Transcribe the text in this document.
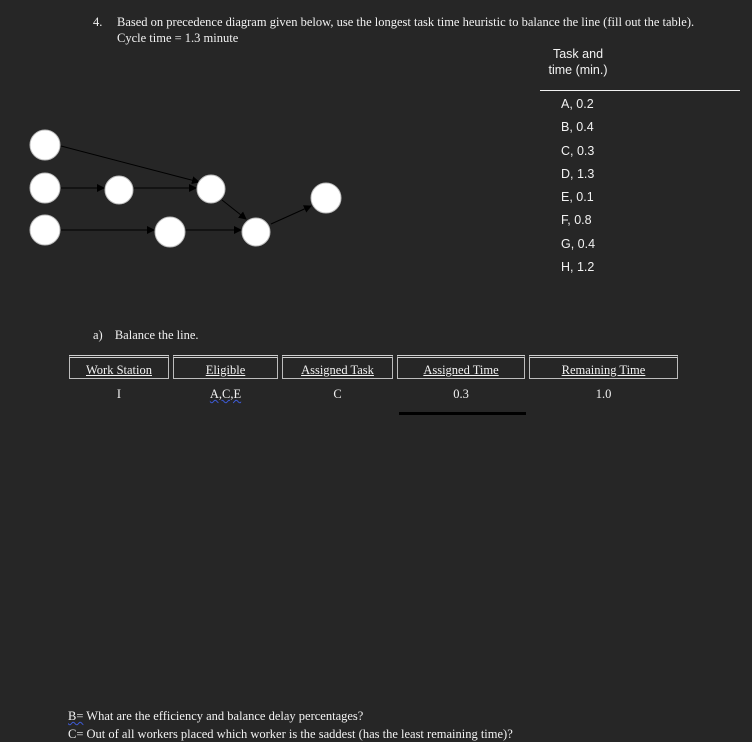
4. Based on precedence diagram given below, use the longest task time heuristic to balance the line (fill out the table). Cycle time = 1.3 minute
Task and
time (min.)
A, 0.2
B, 0.4
C, 0.3
D, 1.3
E, 0.1
F, 0.8
G, 0.4
H, 1.2
a) Balance the line.
Work Station	Eligible	Assigned Task	Assigned Time	Remaining Time
I	A,C,E	C	0.3	1.0
B= What are the efficiency and balance delay percentages?
C= Out of all workers placed which worker is the saddest (has the least remaining time)?
